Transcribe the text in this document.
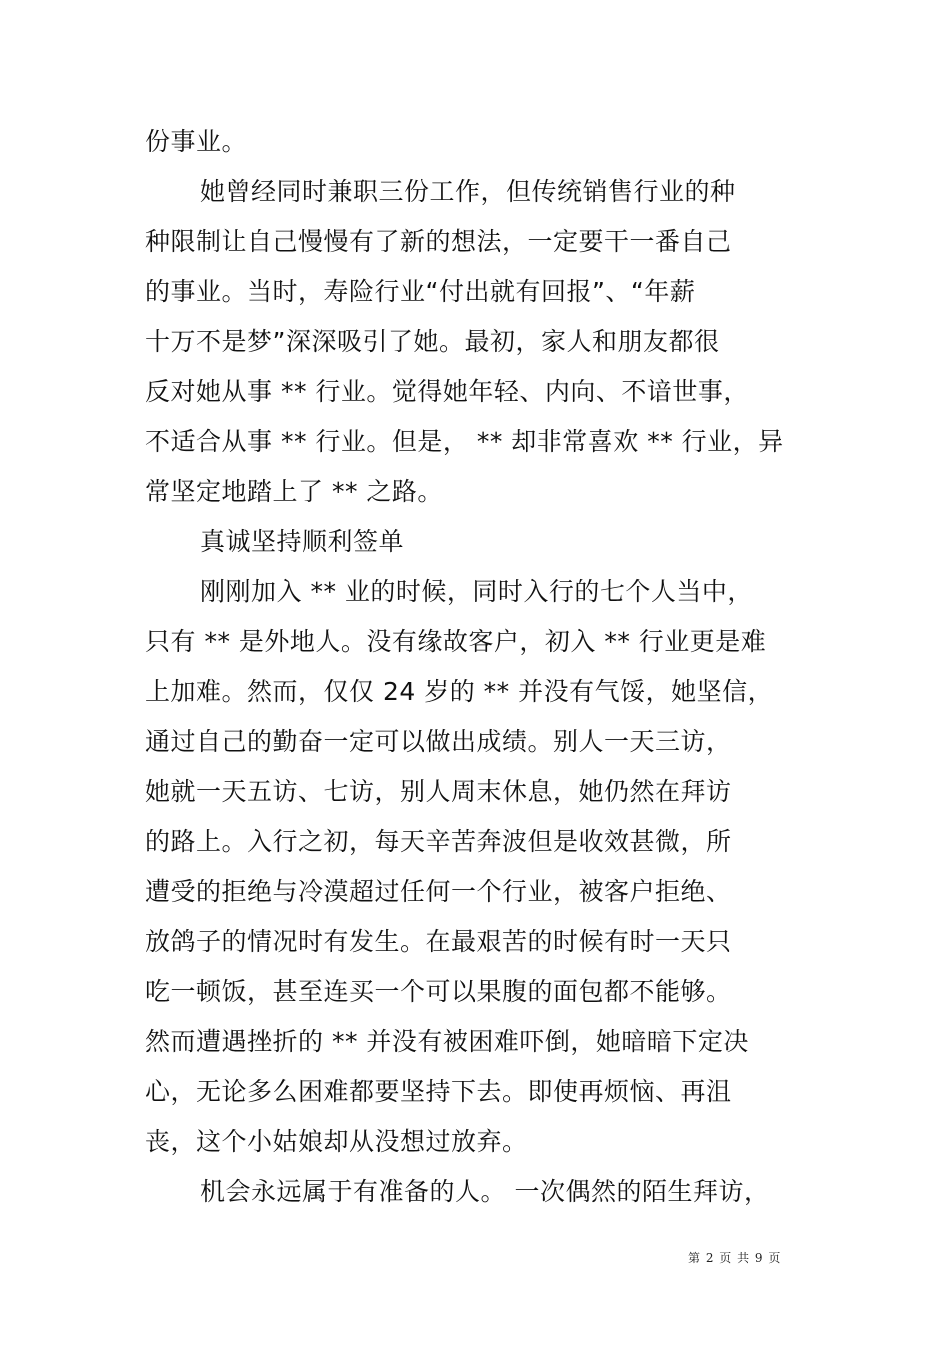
份事业。
她曾经同时兼职三份工作，但传统销售行业的种
种限制让自己慢慢有了新的想法，一定要干一番自己
的事业。当时，寿险行业“付出就有回报”、“年薪
十万不是梦”深深吸引了她。最初，家人和朋友都很
反对她从事 ** 行业。觉得她年轻、内向、不谙世事，
不适合从事 ** 行业。但是， ** 却非常喜欢 ** 行业，异
常坚定地踏上了 ** 之路。
真诚坚持顺利签单
刚刚加入 ** 业的时候，同时入行的七个人当中，
只有 ** 是外地人。没有缘故客户，初入 ** 行业更是难
上加难。然而，仅仅 24 岁的 ** 并没有气馁，她坚信，
通过自己的勤奋一定可以做出成绩。别人一天三访，
她就一天五访、七访，别人周末休息，她仍然在拜访
的路上。入行之初，每天辛苦奔波但是收效甚微，所
遭受的拒绝与冷漠超过任何一个行业，被客户拒绝、
放鸽子的情况时有发生。在最艰苦的时候有时一天只
吃一顿饭，甚至连买一个可以果腹的面包都不能够。
然而遭遇挫折的 ** 并没有被困难吓倒，她暗暗下定决
心，无论多么困难都要坚持下去。即使再烦恼、再沮
丧，这个小姑娘却从没想过放弃。
机会永远属于有准备的人。 一次偶然的陌生拜访，
第 2 页 共 9 页
